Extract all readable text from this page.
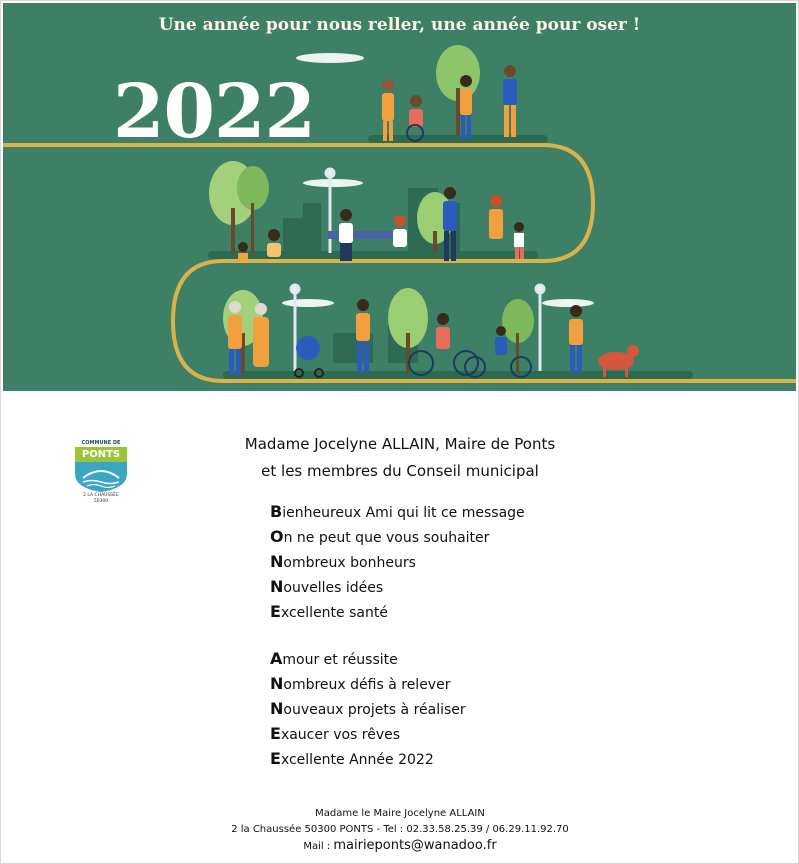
Une année pour nous reller, une année pour oser !
2022
COMMUNE DE
PONTS
2 LA CHAUSSÉE
50300
Madame Jocelyne ALLAIN, Maire de Ponts
et les membres du Conseil municipal
Bienheureux Ami qui lit ce message
On ne peut que vous souhaiter
Nombreux bonheurs
Nouvelles idées
Excellente santé
Amour et réussite
Nombreux défis à relever
Nouveaux projets à réaliser
Exaucer vos rêves
Excellente Année 2022
Madame le Maire Jocelyne ALLAIN
2 la Chaussée 50300 PONTS - Tel : 02.33.58.25.39 / 06.29.11.92.70
Mail : mairieponts@wanadoo.fr
